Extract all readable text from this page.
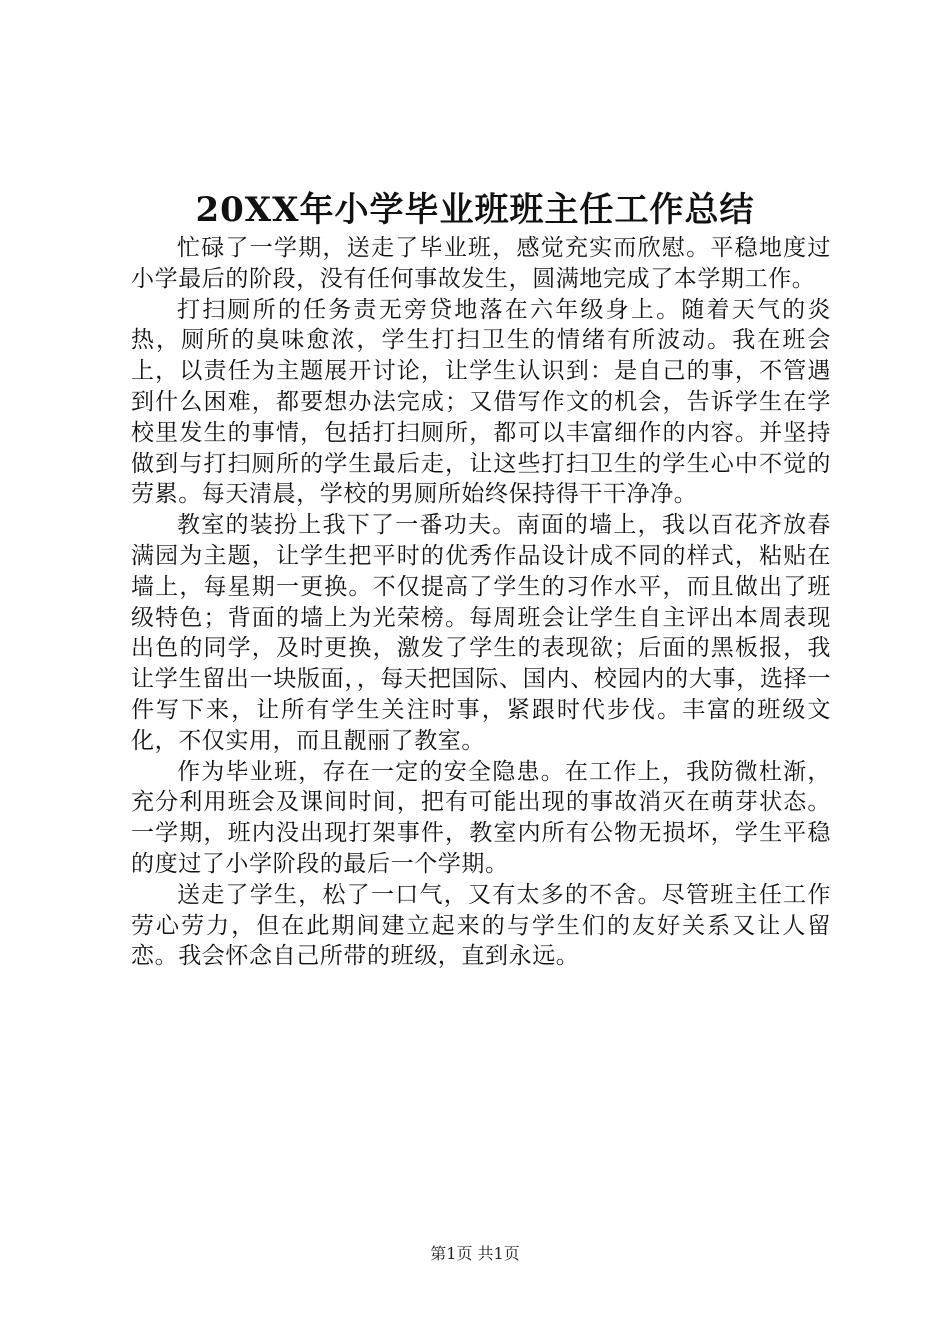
20XX年小学毕业班班主任工作总结

忙碌了一学期，送走了毕业班，感觉充实而欣慰。平稳地度过小学最后的阶段，没有任何事故发生，圆满地完成了本学期工作。

打扫厕所的任务责无旁贷地落在六年级身上。随着天气的炎热，厕所的臭味愈浓，学生打扫卫生的情绪有所波动。我在班会上，以责任为主题展开讨论，让学生认识到：是自己的事，不管遇到什么困难，都要想办法完成；又借写作文的机会，告诉学生在学校里发生的事情，包括打扫厕所，都可以丰富细作的内容。并坚持做到与打扫厕所的学生最后走，让这些打扫卫生的学生心中不觉的劳累。每天清晨，学校的男厕所始终保持得干干净净。

教室的装扮上我下了一番功夫。南面的墙上，我以百花齐放春满园为主题，让学生把平时的优秀作品设计成不同的样式，粘贴在墙上，每星期一更换。不仅提高了学生的习作水平，而且做出了班级特色；背面的墙上为光荣榜。每周班会让学生自主评出本周表现出色的同学，及时更换，激发了学生的表现欲；后面的黑板报，我让学生留出一块版面，，每天把国际、国内、校园内的大事，选择一件写下来，让所有学生关注时事，紧跟时代步伐。丰富的班级文化，不仅实用，而且靓丽了教室。

作为毕业班，存在一定的安全隐患。在工作上，我防微杜渐，充分利用班会及课间时间，把有可能出现的事故消灭在萌芽状态。一学期，班内没出现打架事件，教室内所有公物无损坏，学生平稳的度过了小学阶段的最后一个学期。

送走了学生，松了一口气，又有太多的不舍。尽管班主任工作劳心劳力，但在此期间建立起来的与学生们的友好关系又让人留恋。我会怀念自己所带的班级，直到永远。

第1页 共1页
